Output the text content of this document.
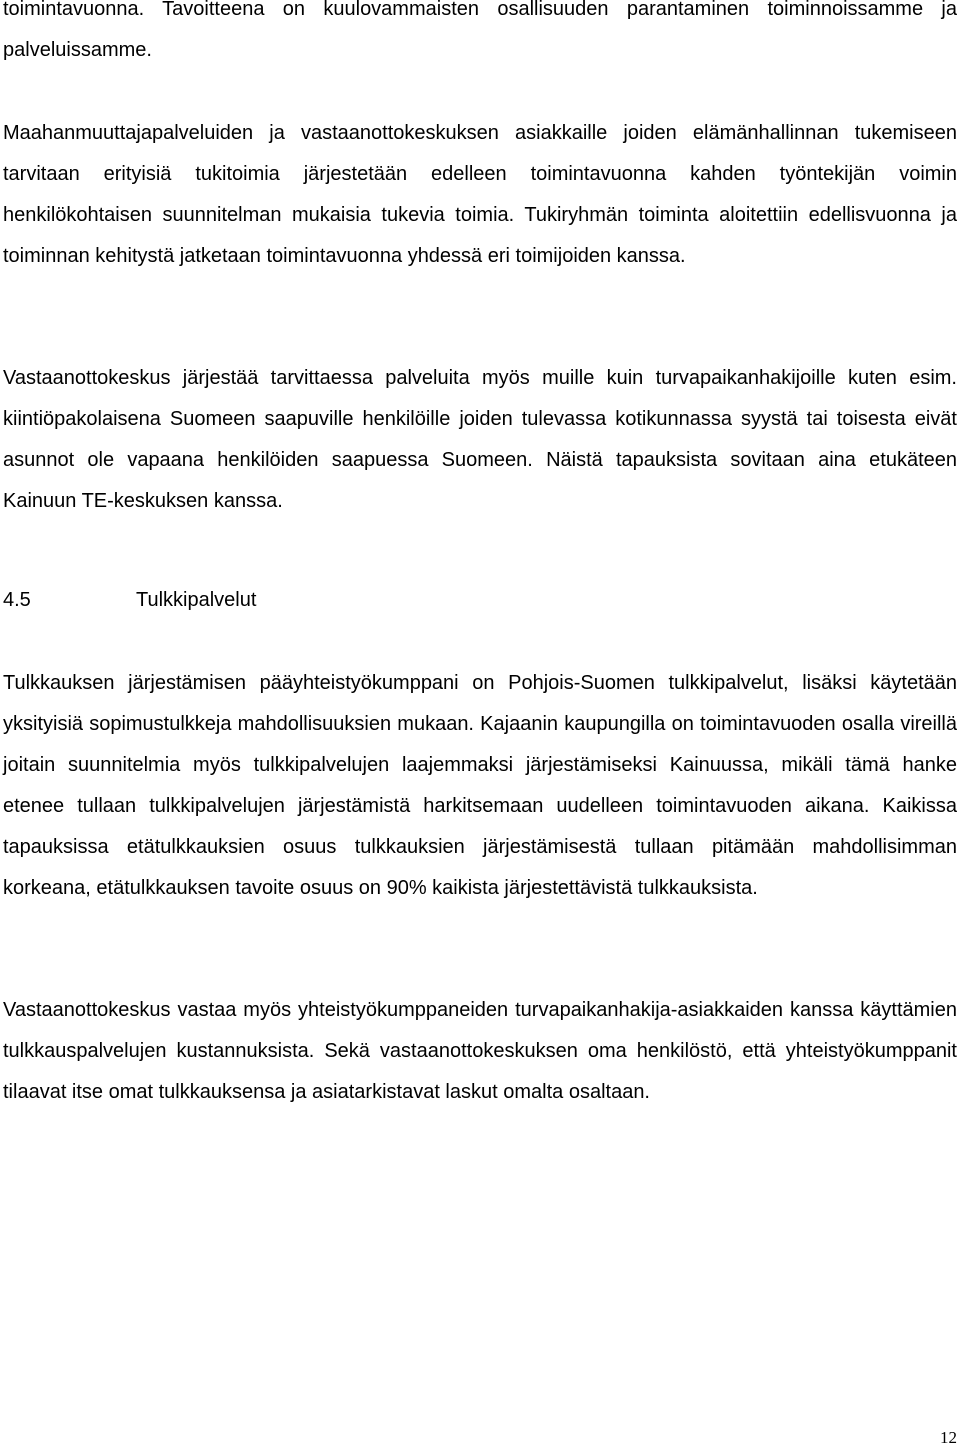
toimintavuonna. Tavoitteena on kuulovammaisten osallisuuden parantaminen toiminnoissamme ja palveluissamme.

Maahanmuuttajapalveluiden ja vastaanottokeskuksen asiakkaille joiden elämänhallinnan tukemiseen tarvitaan erityisiä tukitoimia järjestetään edelleen toimintavuonna kahden työntekijän voimin henkilökohtaisen suunnitelman mukaisia tukevia toimia. Tukiryhmän toiminta aloitettiin edellisvuonna ja toiminnan kehitystä jatketaan toimintavuonna yhdessä eri toimijoiden kanssa.

Vastaanottokeskus järjestää tarvittaessa palveluita myös muille kuin turvapaikanhakijoille kuten esim. kiintiöpakolaisena Suomeen saapuville henkilöille joiden tulevassa kotikunnassa syystä tai toisesta eivät asunnot ole vapaana henkilöiden saapuessa Suomeen. Näistä tapauksista sovitaan aina etukäteen Kainuun TE-keskuksen kanssa.

4.5	Tulkkipalvelut

Tulkkauksen järjestämisen pääyhteistyökumppani on Pohjois-Suomen tulkkipalvelut, lisäksi käytetään yksityisiä sopimustulkkeja mahdollisuuksien mukaan. Kajaanin kaupungilla on toimintavuoden osalla vireillä joitain suunnitelmia myös tulkkipalvelujen laajemmaksi järjestämiseksi Kainuussa, mikäli tämä hanke etenee tullaan tulkkipalvelujen järjestämistä harkitsemaan uudelleen toimintavuoden aikana. Kaikissa tapauksissa etätulkkauksien osuus tulkkauksien järjestämisestä tullaan pitämään mahdollisimman korkeana, etätulkkauksen tavoite osuus on 90% kaikista järjestettävistä tulkkauksista.

Vastaanottokeskus vastaa myös yhteistyökumppaneiden turvapaikanhakija-asiakkaiden kanssa käyttämien tulkkauspalvelujen kustannuksista. Sekä vastaanottokeskuksen oma henkilöstö, että yhteistyökumppanit tilaavat itse omat tulkkauksensa ja asiatarkistavat laskut omalta osaltaan.

12
